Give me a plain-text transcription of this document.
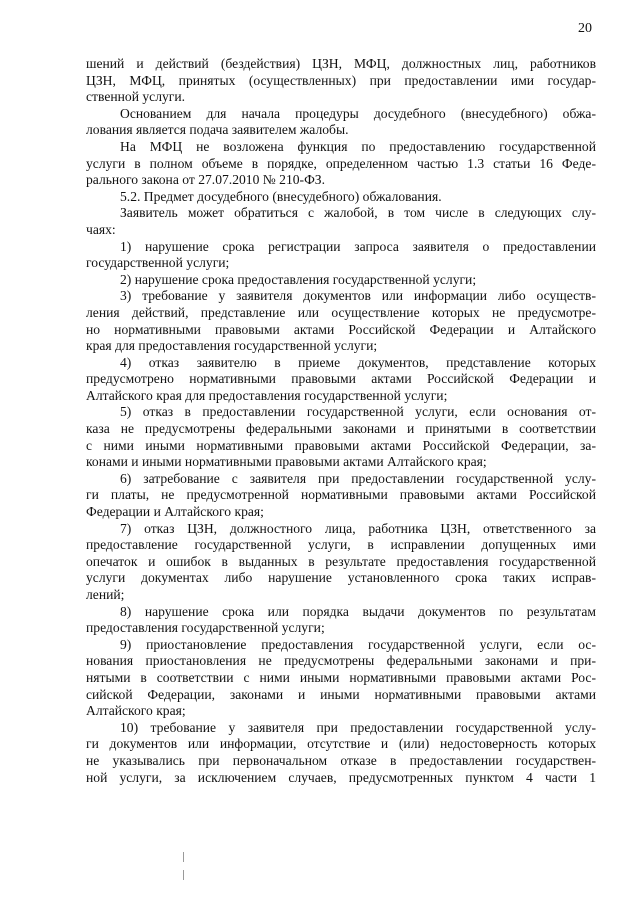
20
шений и действий (бездействия) ЦЗН, МФЦ, должностных лиц, работников
ЦЗН, МФЦ, принятых (осуществленных) при предоставлении ими государ-
ственной услуги.
Основанием для начала процедуры досудебного (внесудебного) обжа-
лования является подача заявителем жалобы.
На МФЦ не возложена функция по предоставлению государственной
услуги в полном объеме в порядке, определенном частью 1.3 статьи 16 Феде-
рального закона от 27.07.2010 № 210-ФЗ.
5.2. Предмет досудебного (внесудебного) обжалования.
Заявитель может обратиться с жалобой, в том числе в следующих слу-
чаях:
1) нарушение срока регистрации запроса заявителя о предоставлении
государственной услуги;
2) нарушение срока предоставления государственной услуги;
3) требование у заявителя документов или информации либо осуществ-
ления действий, представление или осуществление которых не предусмотре-
но нормативными правовыми актами Российской Федерации и Алтайского
края для предоставления государственной услуги;
4) отказ заявителю в приеме документов, представление которых
предусмотрено нормативными правовыми актами Российской Федерации и
Алтайского края для предоставления государственной услуги;
5) отказ в предоставлении государственной услуги, если основания от-
каза не предусмотрены федеральными законами и принятыми в соответствии
с ними иными нормативными правовыми актами Российской Федерации, за-
конами и иными нормативными правовыми актами Алтайского края;
6) затребование с заявителя при предоставлении государственной услу-
ги платы, не предусмотренной нормативными правовыми актами Российской
Федерации и Алтайского края;
7) отказ ЦЗН, должностного лица, работника ЦЗН, ответственного за
предоставление государственной услуги, в исправлении допущенных ими
опечаток и ошибок в выданных в результате предоставления государственной
услуги документах либо нарушение установленного срока таких исправ-
лений;
8) нарушение срока или порядка выдачи документов по результатам
предоставления государственной услуги;
9) приостановление предоставления государственной услуги, если ос-
нования приостановления не предусмотрены федеральными законами и при-
нятыми в соответствии с ними иными нормативными правовыми актами Рос-
сийской Федерации, законами и иными нормативными правовыми актами
Алтайского края;
10) требование у заявителя при предоставлении государственной услу-
ги документов или информации, отсутствие и (или) недостоверность которых
не указывались при первоначальном отказе в предоставлении государствен-
ной услуги, за исключением случаев, предусмотренных пунктом 4 части 1
